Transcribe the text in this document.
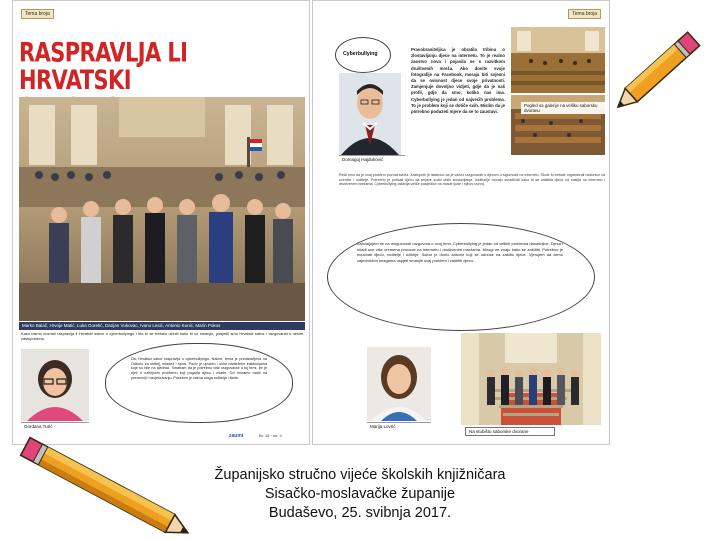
Tema broja
RASPRAVLJA LI HRVATSKI
Marko Balaž, Hrvoje Matić, Luka Goretić, Darijan Vukovac, Ivano Lesić, Antonio Kunić, Marin Pokos
Kako bismo doznali raspravlja li Hrvatski sabor o cyberbullyingu i što bi se trebalo učiniti kako bi se smanjio, posjetili smo Hrvatski sabor i razgovarali s nekim zastupnicima.
Gordana Turić
Da, Hrvatski sabor raspravlja o cyberbullyingu. Naime, tema je predstavljena na Odboru za obitelj, mladež i sport. Poziv je upućen i svim nadležnim institucijama koje su bile na sjednici. Smatram da je potrebno više razgovarati o toj temi, jer je riječ o ozbiljnom problemu koji pogađa djecu i mlade. Svi moramo raditi na prevenciji i osvješćivanju. Posebno je važna uloga roditelja i škole.
zaumi	Br. 18 · str. 4
Tema broja
Cyberbullying
Domagoj Hajduković
Pravobraniteljica je obratila tribinu o zlostavljanju djece na internetu. To je realno zaostvo nova i pojavila se s razvitkom društvenih mreža. Ako dovite svoje fotografije na Facebook, moraju biti svjesni da se ovisnost djece svoje privatnosti. Zamjenjuje dovoljno vidjeti, gdje da je naš profil, gdje da smo, koliko nas ima. Cyberbullying je jedan od najvećih problema. To je problem koji se dotiče svih. Mislim da je potrebno poduzeti mjere da se to zaustavi.
Pogled sa galerije na velliku saborsku dvoranu
Rekli smo da je ovaj problem poznat svima. Zastupnik je istaknuo da je važno razgovarati s djecom o sigurnosti na internetu. Škole bi trebale organizirati radionice za učenike i roditelje. Potrebno je poticati djecu da prijave svaki oblik zlostavljanja. Institucije moraju surađivati kako bi se zaštitila djeca od nasilja na internetu i društvenim mrežama. Cyberbullying ostavlja velike posljedice na mlade ljude i njihov razvoj.
Zahvaljujem se na mogućnosti razgovora o ovoj temi. Cyberbullying je jedan od velikih problema današnjice. Djeca i mladi sve više vremena provode na internetu i društvenim mrežama. Mnogi ne znaju kako se zaštititi. Potrebno je educirati djecu, roditelje i učitelje. Sabor je donio zakone koji se odnose na zaštitu djece. Vjerujem da ćemo zajedničkim snagama uspjeti smanjiti ovaj problem i zaštititi djecu.
Marija Lovrić
Na stubištu saborske dvorane
Županijsko stručno vijeće školskih knjižničara
Sisačko-moslavačke županije
Budaševo, 25. svibnja 2017.
